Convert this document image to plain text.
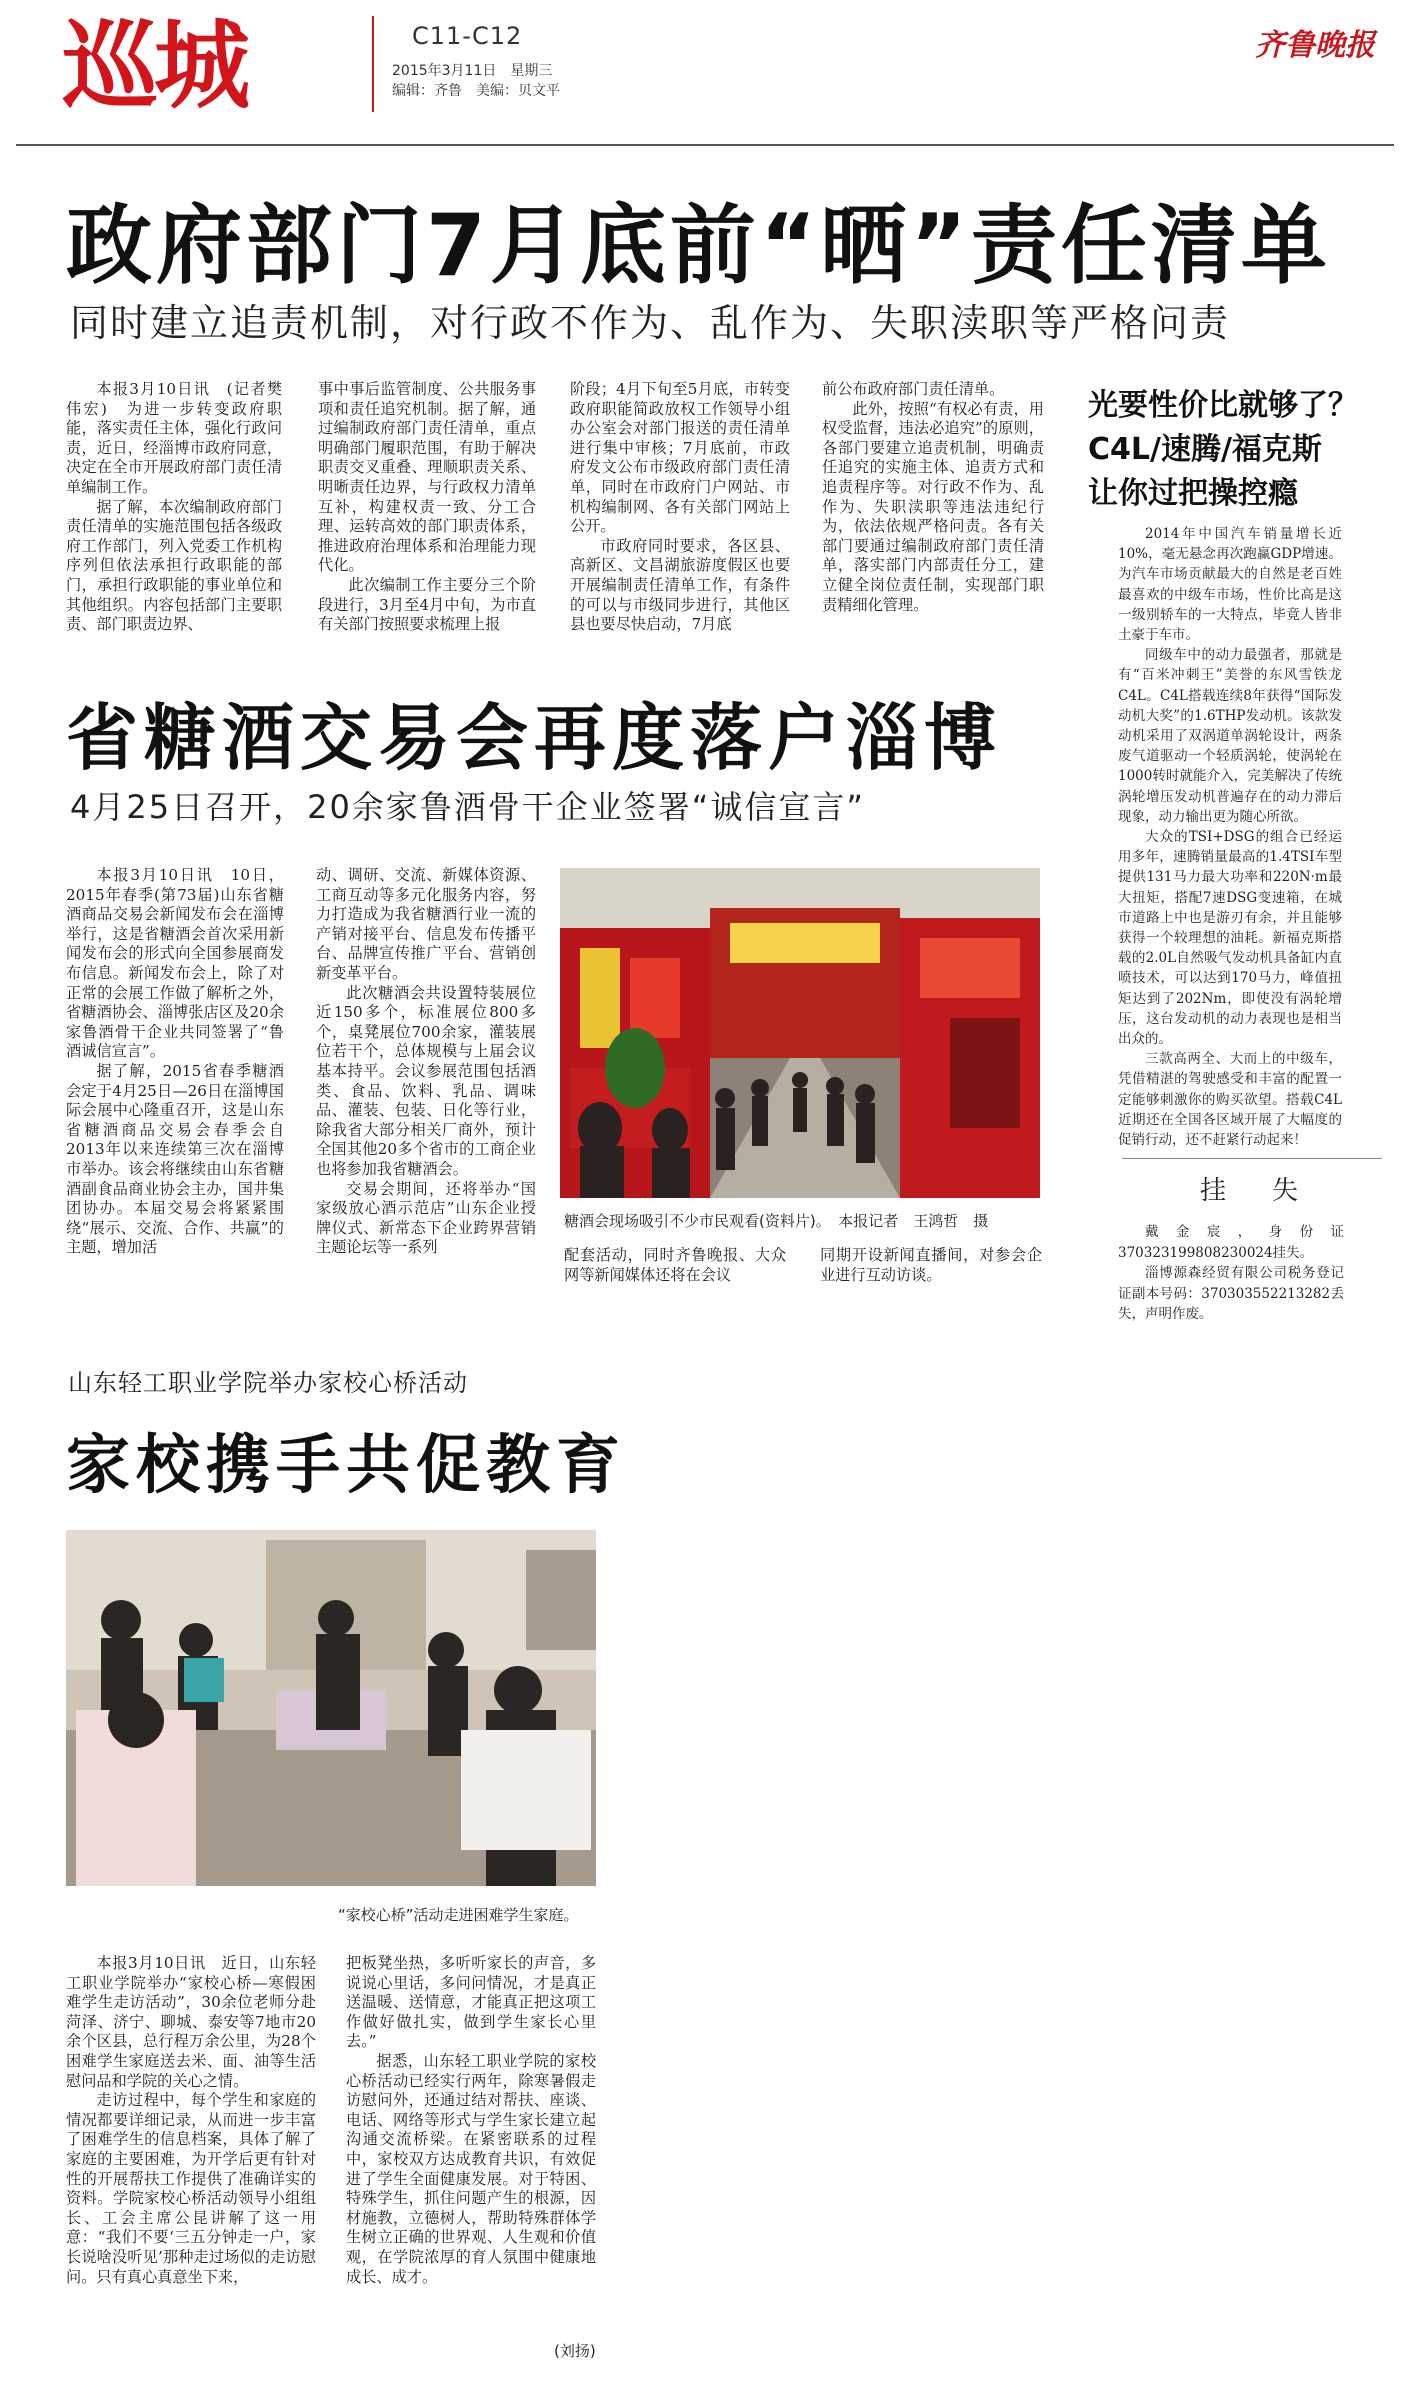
巡城	C11-C12
2015年3月11日　星期三
编辑：齐鲁　美编：贝文平
齐鲁晚报
政府部门7月底前“晒”责任清单
同时建立追责机制，对行政不作为、乱作为、失职渎职等严格问责

本报3月10日讯　(记者樊伟宏)　为进一步转变政府职能，落实责任主体，强化行政问责，近日，经淄博市政府同意，决定在全市开展政府部门责任清单编制工作。

据了解，本次编制政府部门责任清单的实施范围包括各级政府工作部门，列入党委工作机构序列但依法承担行政职能的部门，承担行政职能的事业单位和其他组织。内容包括部门主要职责、部门职责边界、

事中事后监管制度、公共服务事项和责任追究机制。据了解，通过编制政府部门责任清单，重点明确部门履职范围，有助于解决职责交叉重叠、理顺职责关系、明晰责任边界，与行政权力清单互补，构建权责一致、分工合理、运转高效的部门职责体系，推进政府治理体系和治理能力现代化。

此次编制工作主要分三个阶段进行，3月至4月中旬，为市直有关部门按照要求梳理上报

阶段；4月下旬至5月底，市转变政府职能简政放权工作领导小组办公室会对部门报送的责任清单进行集中审核；7月底前，市政府发文公布市级政府部门责任清单，同时在市政府门户网站、市机构编制网、各有关部门网站上公开。

市政府同时要求，各区县、高新区、文昌湖旅游度假区也要开展编制责任清单工作，有条件的可以与市级同步进行，其他区县也要尽快启动，7月底

前公布政府部门责任清单。

此外，按照“有权必有责，用权受监督，违法必追究”的原则，各部门要建立追责机制，明确责任追究的实施主体、追责方式和追责程序等。对行政不作为、乱作为、失职渎职等违法违纪行为，依法依规严格问责。各有关部门要通过编制政府部门责任清单，落实部门内部责任分工，建立健全岗位责任制，实现部门职责精细化管理。

光要性价比就够了？
C4L/速腾/福克斯
让你过把操控瘾

2014年中国汽车销量增长近10%，毫无悬念再次跑赢GDP增速。为汽车市场贡献最大的自然是老百姓最喜欢的中级车市场，性价比高是这一级别轿车的一大特点，毕竟人皆非土豪于车市。

同级车中的动力最强者，那就是有“百米冲刺王”美誉的东风雪铁龙C4L。C4L搭载连续8年获得“国际发动机大奖”的1.6THP发动机。该款发动机采用了双涡道单涡轮设计，两条废气道驱动一个轻质涡轮，使涡轮在1000转时就能介入，完美解决了传统涡轮增压发动机普遍存在的动力滞后现象，动力输出更为随心所欲。

大众的TSI+DSG的组合已经运用多年，速腾销量最高的1.4TSI车型提供131马力最大功率和220N·m最大扭矩，搭配7速DSG变速箱，在城市道路上中也是游刃有余，并且能够获得一个较理想的油耗。新福克斯搭载的2.0L自然吸气发动机具备缸内直喷技术，可以达到170马力，峰值扭矩达到了202Nm，即使没有涡轮增压，这台发动机的动力表现也是相当出众的。

三款高两全、大而上的中级车，凭借精湛的驾驶感受和丰富的配置一定能够刺激你的购买欲望。搭载C4L近期还在全国各区域开展了大幅度的促销行动，还不赶紧行动起来！

挂　失

戴金宸，身份证370323199808230024挂失。

淄博源森经贸有限公司税务登记证副本号码：370303552213282丢失，声明作废。

省糖酒交易会再度落户淄博
4月25日召开，20余家鲁酒骨干企业签署“诚信宣言”

本报3月10日讯　10日，2015年春季(第73届)山东省糖酒商品交易会新闻发布会在淄博举行，这是省糖酒会首次采用新闻发布会的形式向全国参展商发布信息。新闻发布会上，除了对正常的会展工作做了解析之外，省糖酒协会、淄博张店区及20余家鲁酒骨干企业共同签署了“鲁酒诚信宣言”。

据了解，2015省春季糖酒会定于4月25日—26日在淄博国际会展中心隆重召开，这是山东省糖酒商品交易会春季会自2013年以来连续第三次在淄博市举办。该会将继续由山东省糖酒副食品商业协会主办，国井集团协办。本届交易会将紧紧围绕“展示、交流、合作、共赢”的主题，增加活

动、调研、交流、新媒体资源、工商互动等多元化服务内容，努力打造成为我省糖酒行业一流的产销对接平台、信息发布传播平台、品牌宣传推广平台、营销创新变革平台。

此次糖酒会共设置特装展位近150多个，标准展位800多个，桌凳展位700余家，灌装展位若干个，总体规模与上届会议基本持平。会议参展范围包括酒类、食品、饮料、乳品、调味品、灌装、包装、日化等行业，除我省大部分相关厂商外，预计全国其他20多个省市的工商企业也将参加我省糖酒会。

交易会期间，还将举办“国家级放心酒示范店”山东企业授牌仪式、新常态下企业跨界营销主题论坛等一系列

糖酒会现场吸引不少市民观看(资料片)。　本报记者　王鸿哲　摄

配套活动，同时齐鲁晚报、大众网等新闻媒体还将在会议

同期开设新闻直播间，对参会企业进行互动访谈。

山东轻工职业学院举办家校心桥活动
家校携手共促教育
“家校心桥”活动走进困难学生家庭。

本报3月10日讯　近日，山东轻工职业学院举办“家校心桥—寒假困难学生走访活动”，30余位老师分赴菏泽、济宁、聊城、泰安等7地市20余个区县，总行程万余公里，为28个困难学生家庭送去米、面、油等生活慰问品和学院的关心之情。

走访过程中，每个学生和家庭的情况都要详细记录，从而进一步丰富了困难学生的信息档案，具体了解了家庭的主要困难，为开学后更有针对性的开展帮扶工作提供了准确详实的资料。学院家校心桥活动领导小组组长、工会主席公昆讲解了这一用意：“我们不要‘三五分钟走一户，家长说啥没听见’那种走过场似的走访慰问。只有真心真意坐下来，

把板凳坐热，多听听家长的声音，多说说心里话，多问问情况，才是真正送温暖、送情意，才能真正把这项工作做好做扎实，做到学生家长心里去。”

据悉，山东轻工职业学院的家校心桥活动已经实行两年，除寒暑假走访慰问外，还通过结对帮扶、座谈、电话、网络等形式与学生家长建立起沟通交流桥梁。在紧密联系的过程中，家校双方达成教育共识，有效促进了学生全面健康发展。对于特困、特殊学生，抓住问题产生的根源，因材施教，立德树人，帮助特殊群体学生树立正确的世界观、人生观和价值观，在学院浓厚的育人氛围中健康地成长、成才。

(刘扬)
